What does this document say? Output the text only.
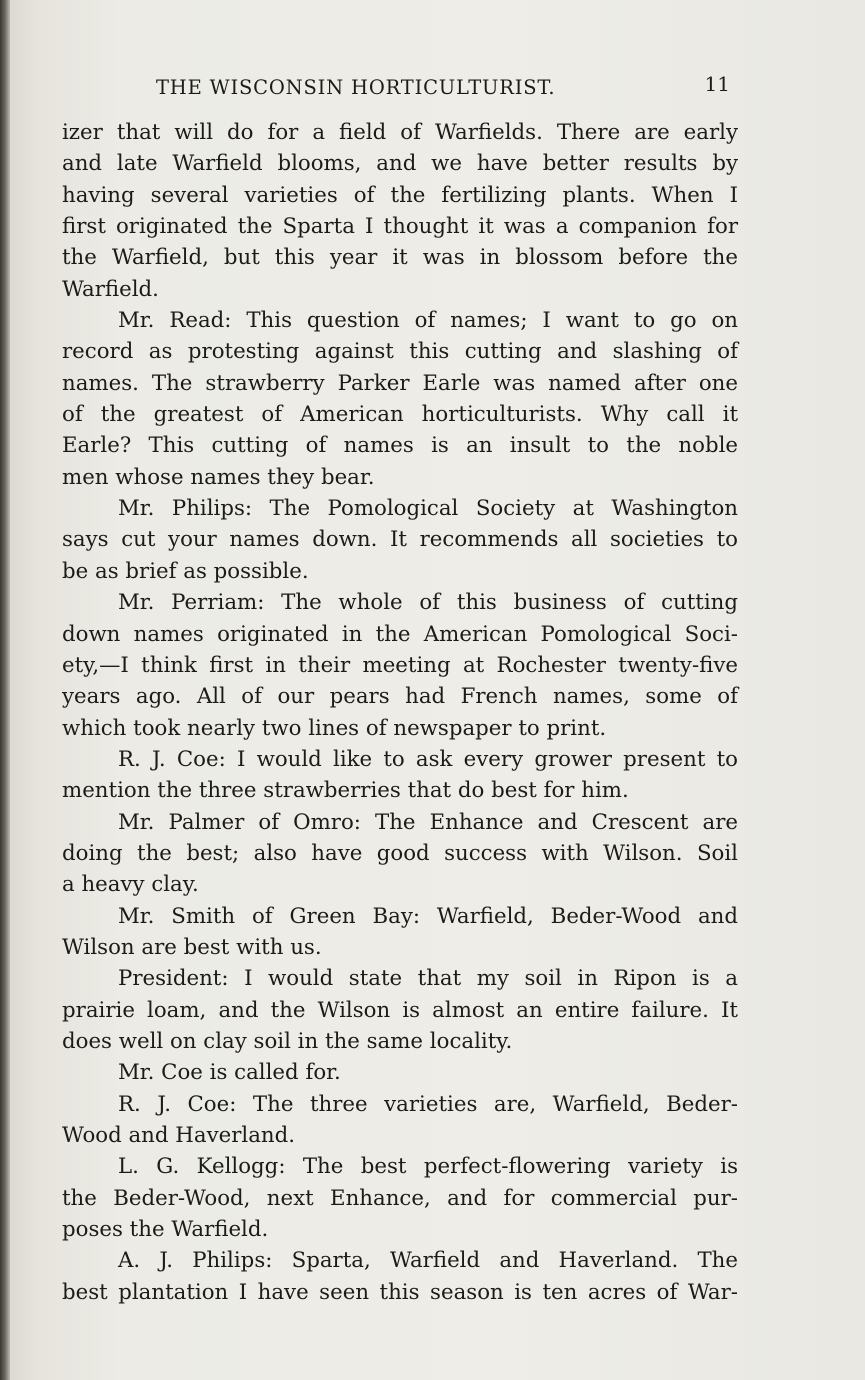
THE WISCONSIN HORTICULTURIST.	11
izer that will do for a field of Warfields. There are early
and late Warfield blooms, and we have better results by
having several varieties of the fertilizing plants. When I
first originated the Sparta I thought it was a companion for
the Warfield, but this year it was in blossom before the
Warfield.
Mr. Read: This question of names; I want to go on
record as protesting against this cutting and slashing of
names. The strawberry Parker Earle was named after one
of the greatest of American horticulturists. Why call it
Earle? This cutting of names is an insult to the noble
men whose names they bear.
Mr. Philips: The Pomological Society at Washington
says cut your names down. It recommends all societies to
be as brief as possible.
Mr. Perriam: The whole of this business of cutting
down names originated in the American Pomological Soci-
ety,—I think first in their meeting at Rochester twenty-five
years ago. All of our pears had French names, some of
which took nearly two lines of newspaper to print.
R. J. Coe: I would like to ask every grower present to
mention the three strawberries that do best for him.
Mr. Palmer of Omro: The Enhance and Crescent are
doing the best; also have good success with Wilson. Soil
a heavy clay.
Mr. Smith of Green Bay: Warfield, Beder-Wood and
Wilson are best with us.
President: I would state that my soil in Ripon is a
prairie loam, and the Wilson is almost an entire failure. It
does well on clay soil in the same locality.
Mr. Coe is called for.
R. J. Coe: The three varieties are, Warfield, Beder-
Wood and Haverland.
L. G. Kellogg: The best perfect-flowering variety is
the Beder-Wood, next Enhance, and for commercial pur-
poses the Warfield.
A. J. Philips: Sparta, Warfield and Haverland. The
best plantation I have seen this season is ten acres of War-
